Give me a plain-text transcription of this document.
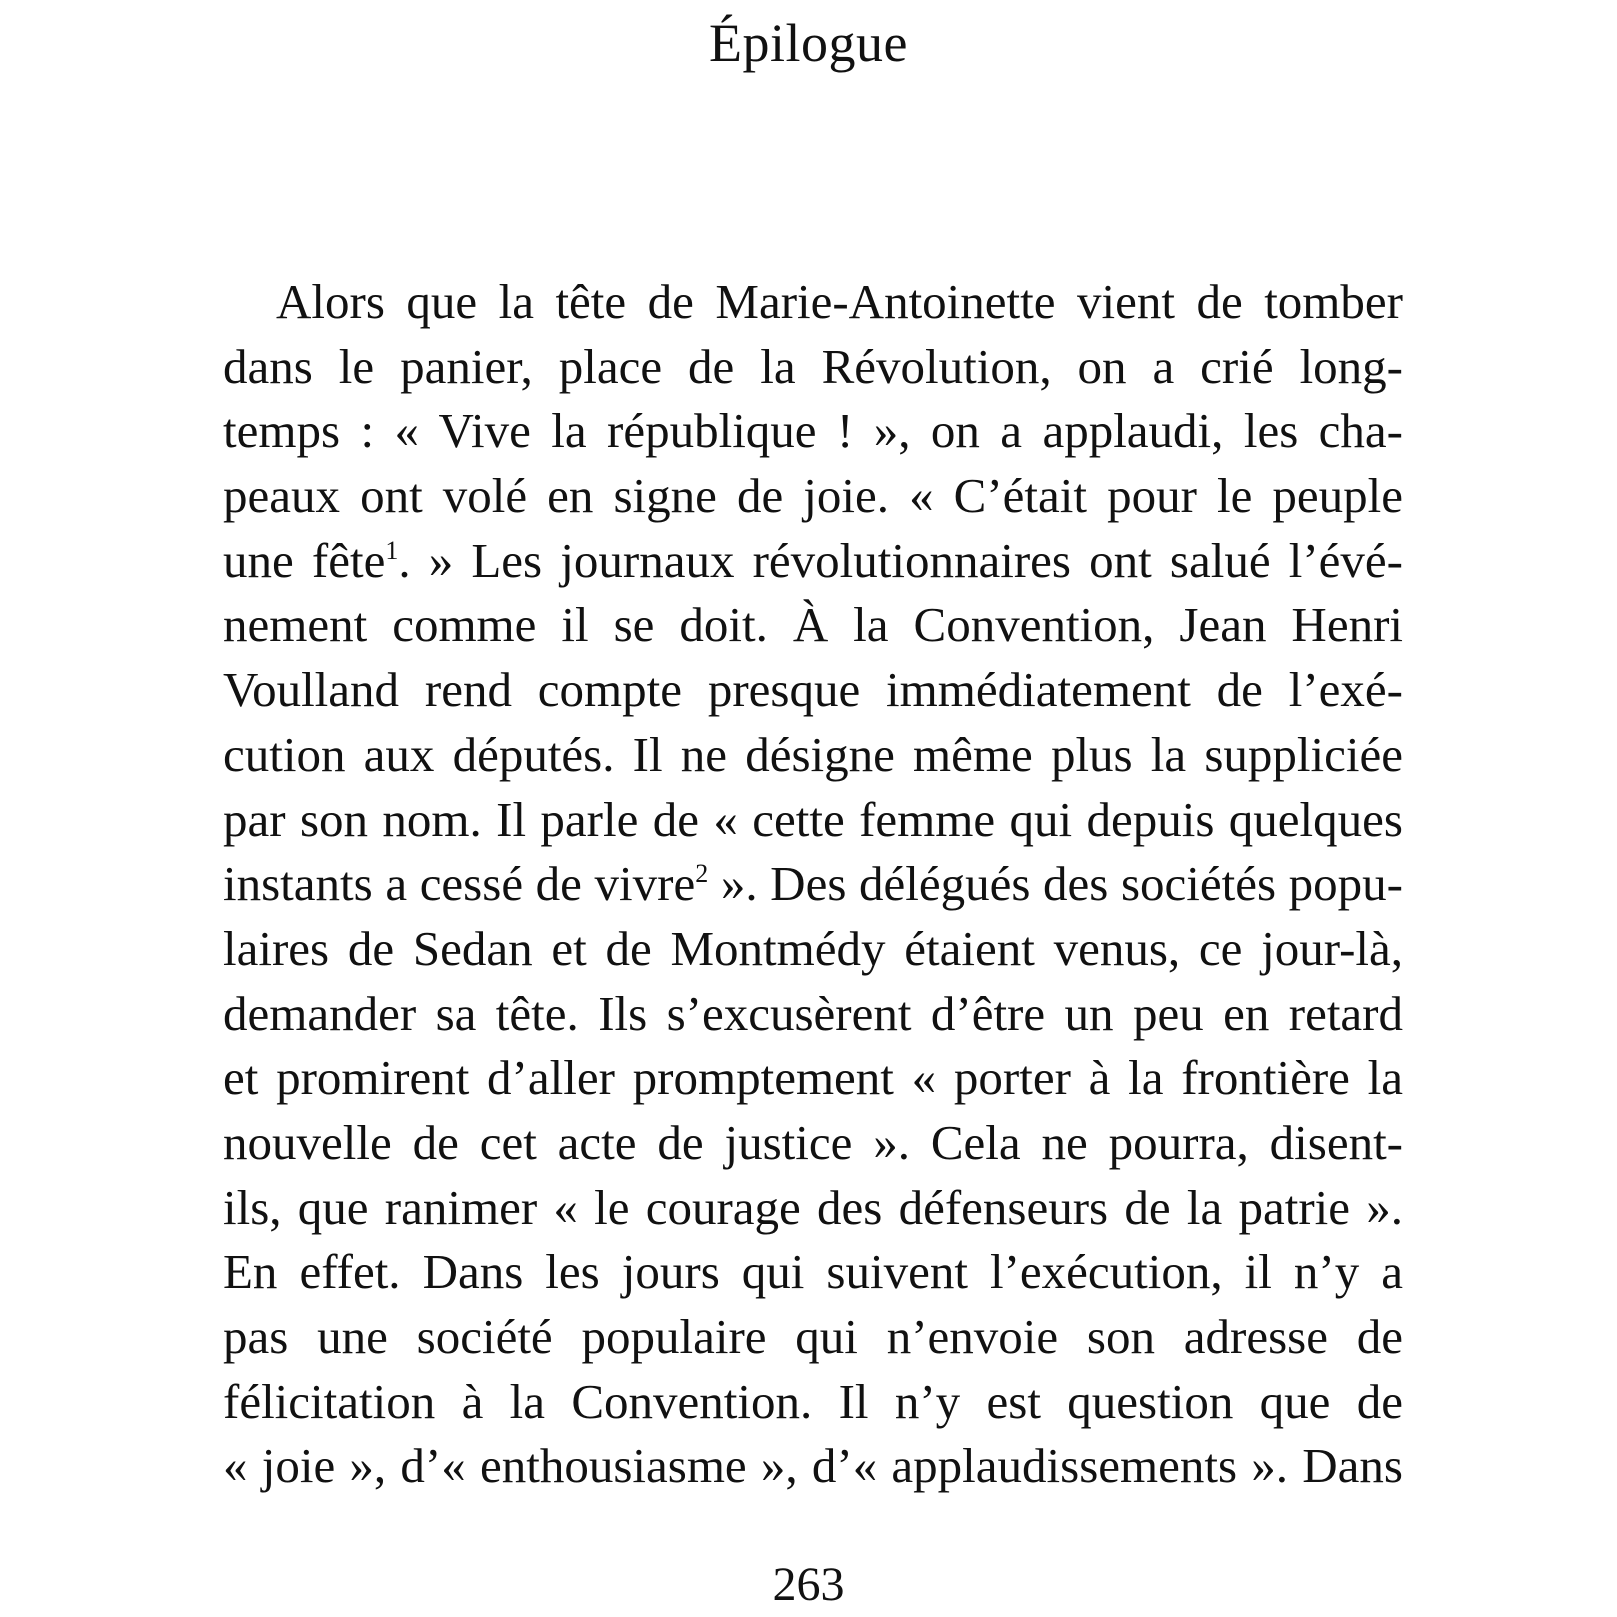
Épilogue
Alors que la tête de Marie-Antoinette vient de tomber
dans le panier, place de la Révolution, on a crié long-
temps : « Vive la république ! », on a applaudi, les cha-
peaux ont volé en signe de joie. « C’était pour le peuple
une fête$^1$. » Les journaux révolutionnaires ont salué l’évé-
nement comme il se doit. À la Convention, Jean Henri
Voulland rend compte presque immédiatement de l’exé-
cution aux députés. Il ne désigne même plus la suppliciée
par son nom. Il parle de « cette femme qui depuis quelques
instants a cessé de vivre$^2$ ». Des délégués des sociétés popu-
laires de Sedan et de Montmédy étaient venus, ce jour-là,
demander sa tête. Ils s’excusèrent d’être un peu en retard
et promirent d’aller promptement « porter à la frontière la
nouvelle de cet acte de justice ». Cela ne pourra, disent-
ils, que ranimer « le courage des défenseurs de la patrie ».
En effet. Dans les jours qui suivent l’exécution, il n’y a
pas une société populaire qui n’envoie son adresse de
félicitation à la Convention. Il n’y est question que de
« joie », d’« enthousiasme », d’« applaudissements ». Dans
263
